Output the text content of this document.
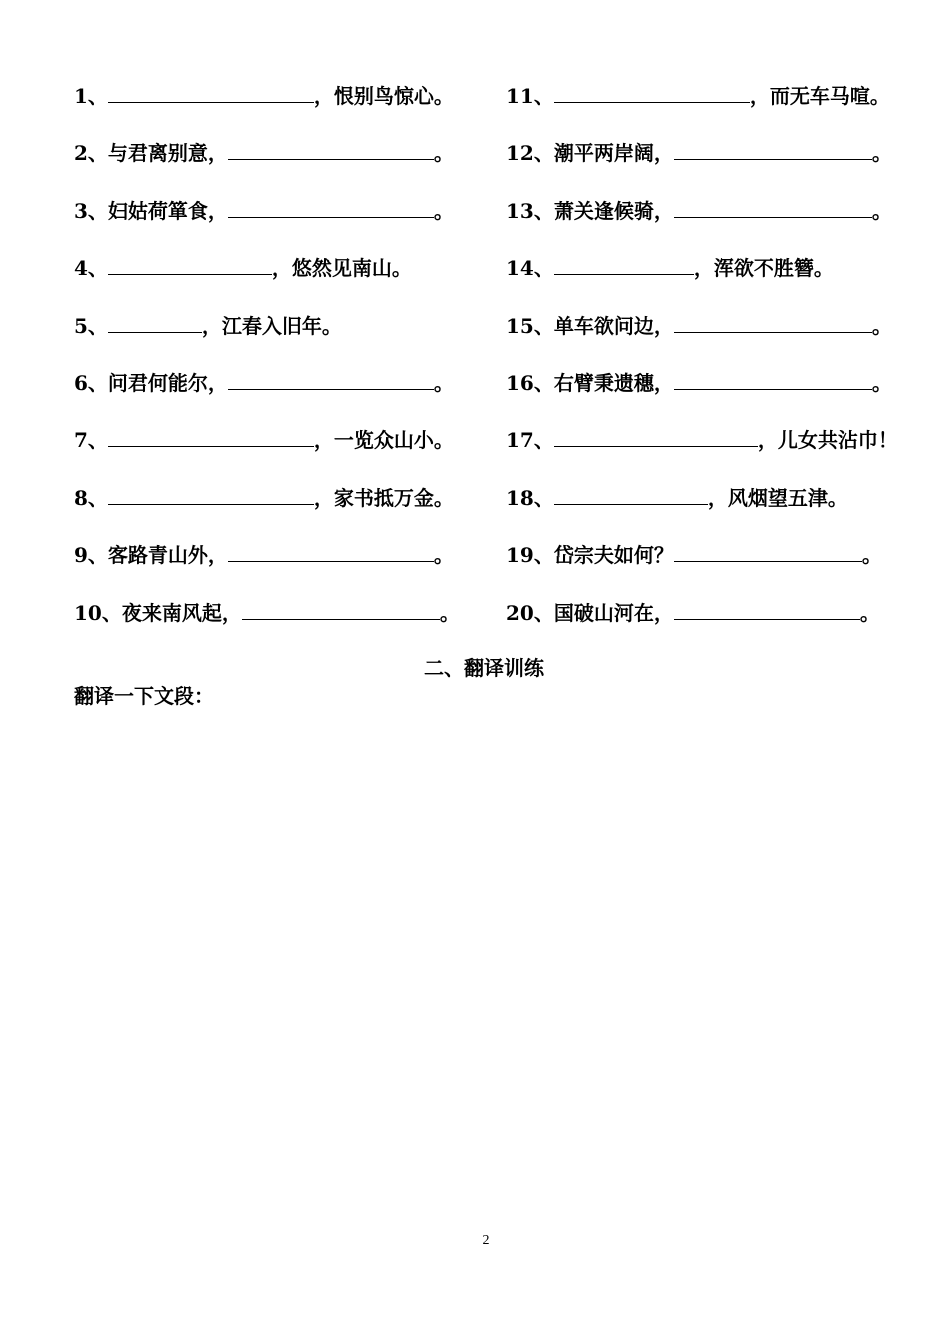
1、	，恨别鸟惊心。
2、与君离别意，	。
3、妇姑荷箪食，	。
4、	，悠然见南山。
5、	，江春入旧年。
6、问君何能尔，	。
7、	，一览众山小。
8、	，家书抵万金。
9、客路青山外，	。
10、夜来南风起，	。
11、	，而无车马喧。
12、潮平两岸阔，	。
13、萧关逢候骑，	。
14、	，浑欲不胜簪。
15、单车欲问边，	。
16、右臂秉遗穗，	。
17、	，儿女共沾巾！
18、	，风烟望五津。
19、岱宗夫如何？	。
20、国破山河在，	。
二、翻译训练
翻译一下文段：
2
